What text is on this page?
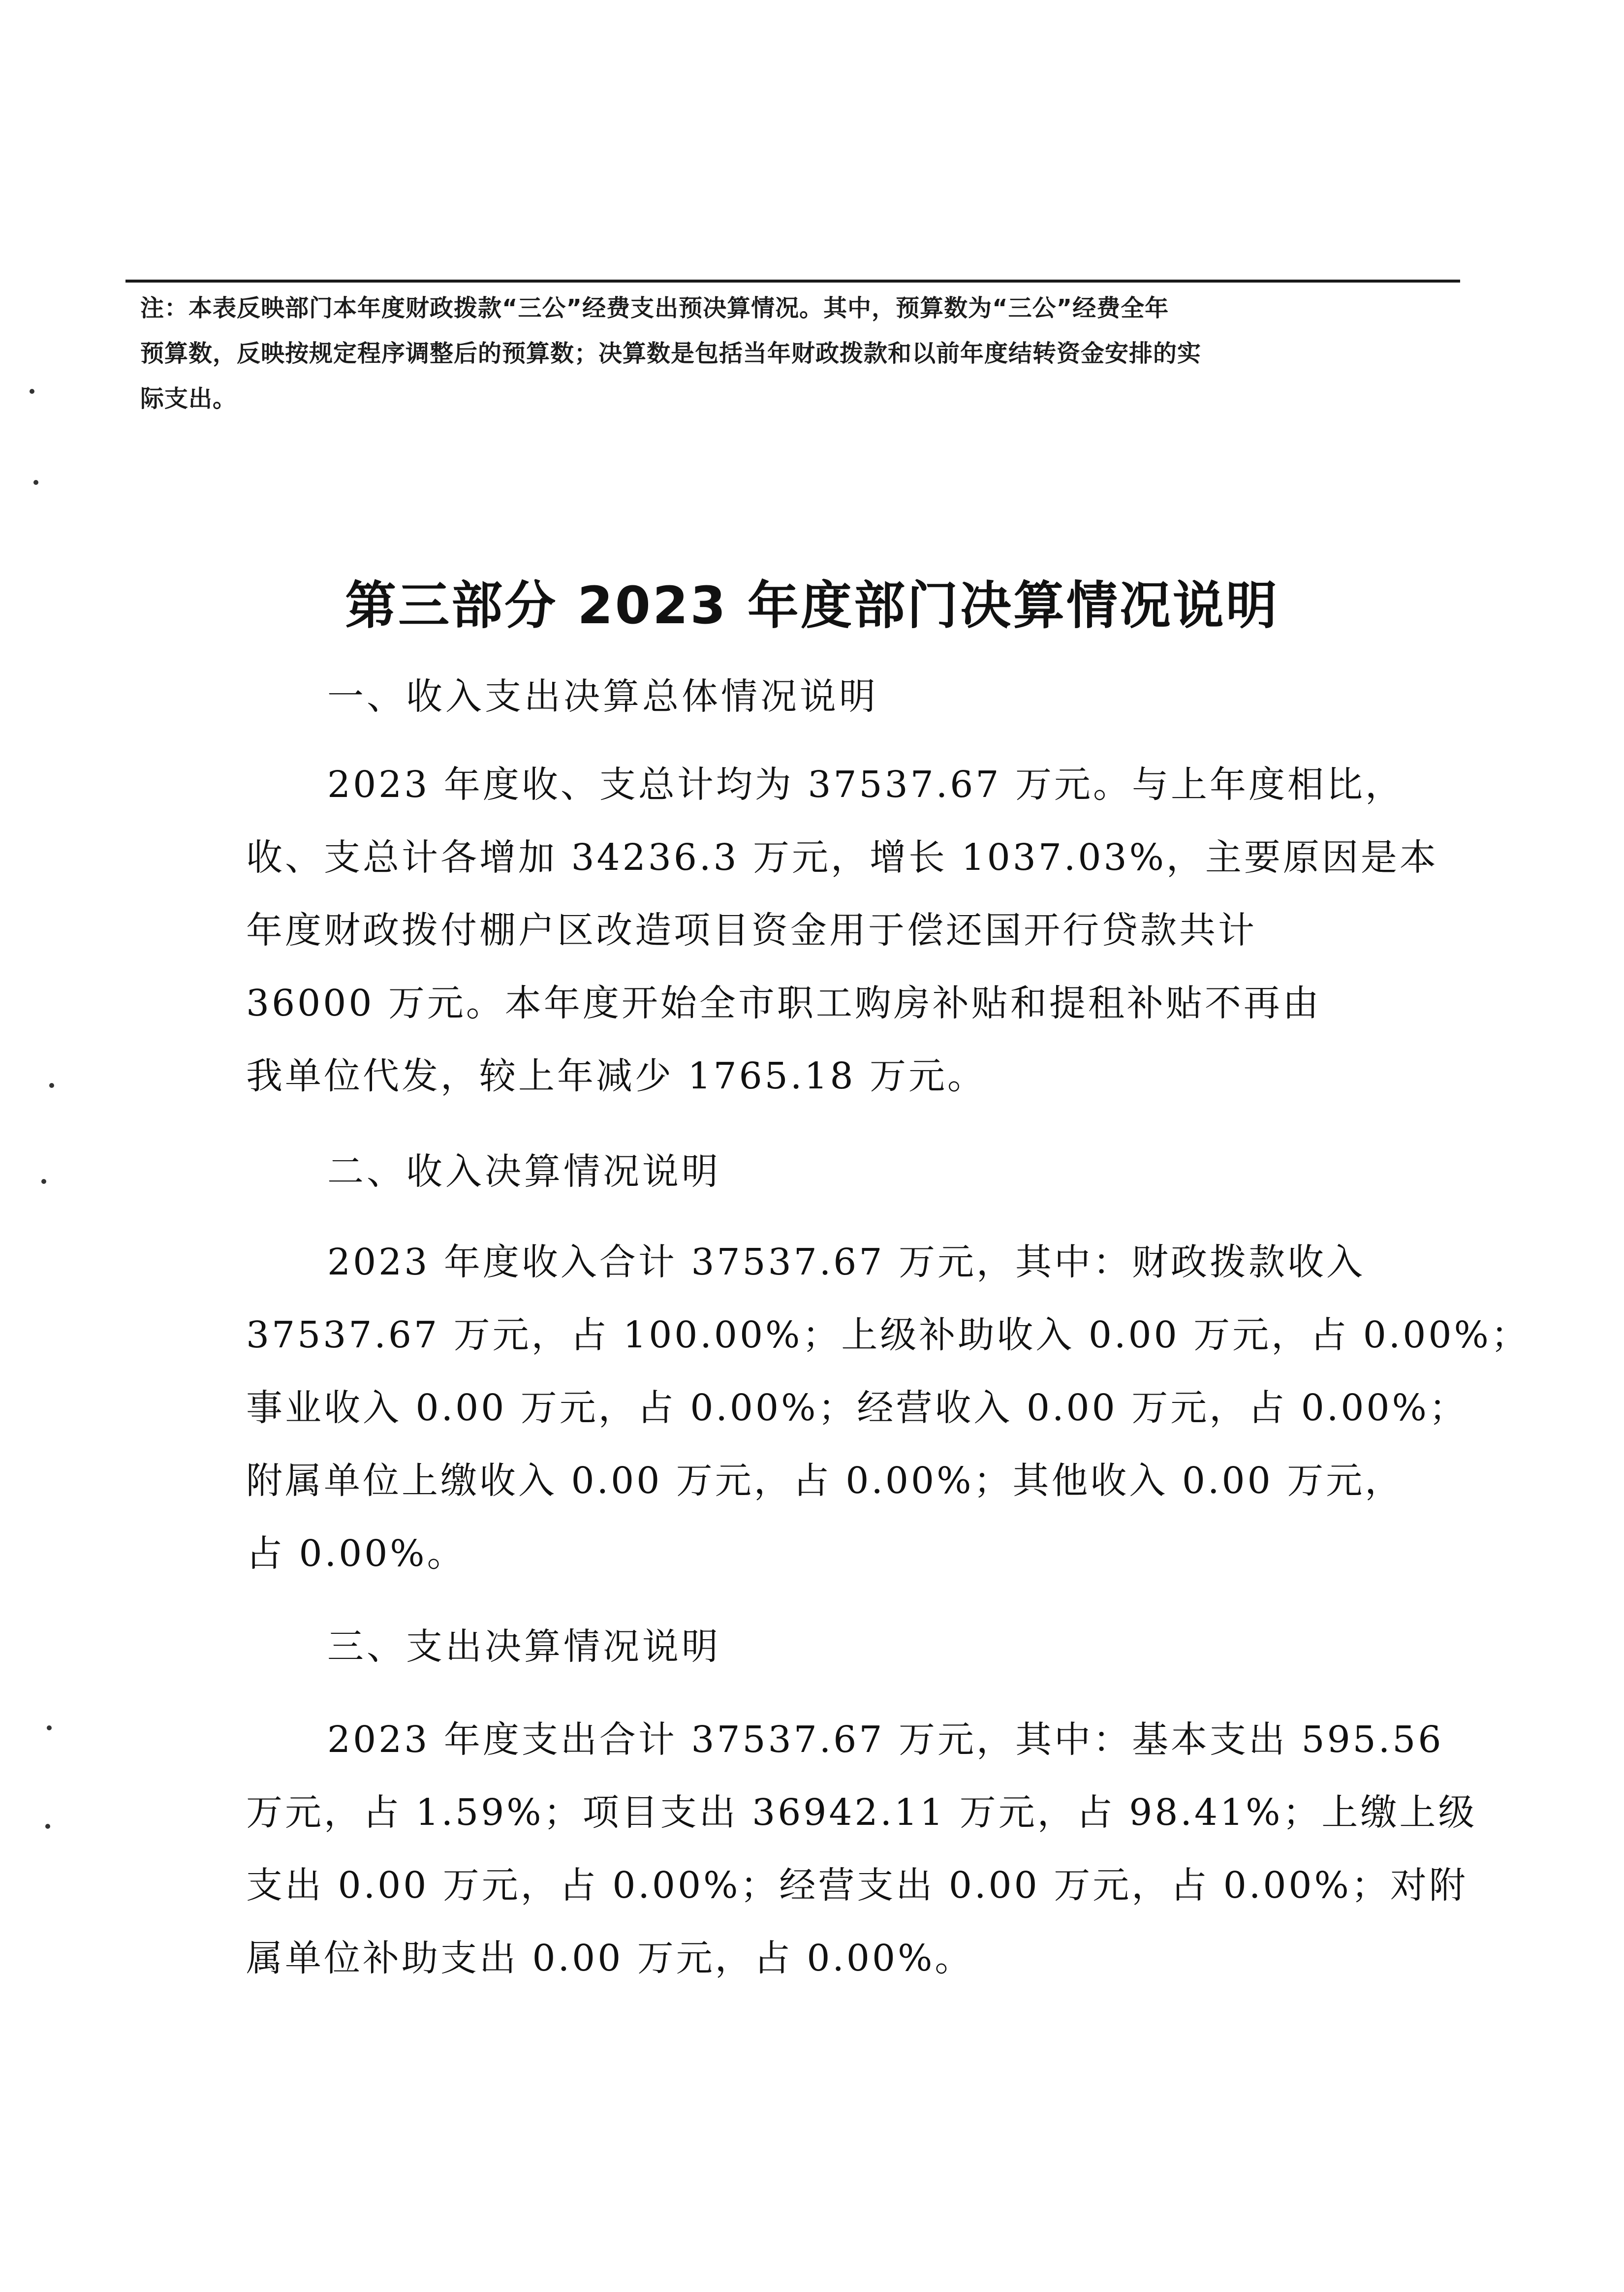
注：本表反映部门本年度财政拨款“三公”经费支出预决算情况。其中，预算数为“三公”经费全年
预算数，反映按规定程序调整后的预算数；决算数是包括当年财政拨款和以前年度结转资金安排的实
际支出。
第三部分 2023 年度部门决算情况说明
一、收入支出决算总体情况说明
2023 年度收、支总计均为 37537.67 万元。与上年度相比，
收、支总计各增加 34236.3 万元，增长 1037.03%，主要原因是本
年度财政拨付棚户区改造项目资金用于偿还国开行贷款共计
36000 万元。本年度开始全市职工购房补贴和提租补贴不再由
我单位代发，较上年减少 1765.18 万元。
二、收入决算情况说明
2023 年度收入合计 37537.67 万元，其中：财政拨款收入
37537.67 万元，占 100.00%；上级补助收入 0.00 万元，占 0.00%；
事业收入 0.00 万元，占 0.00%；经营收入 0.00 万元，占 0.00%；
附属单位上缴收入 0.00 万元，占 0.00%；其他收入 0.00 万元，
占 0.00%。
三、支出决算情况说明
2023 年度支出合计 37537.67 万元，其中：基本支出 595.56
万元，占 1.59%；项目支出 36942.11 万元，占 98.41%；上缴上级
支出 0.00 万元，占 0.00%；经营支出 0.00 万元，占 0.00%；对附
属单位补助支出 0.00 万元，占 0.00%。
